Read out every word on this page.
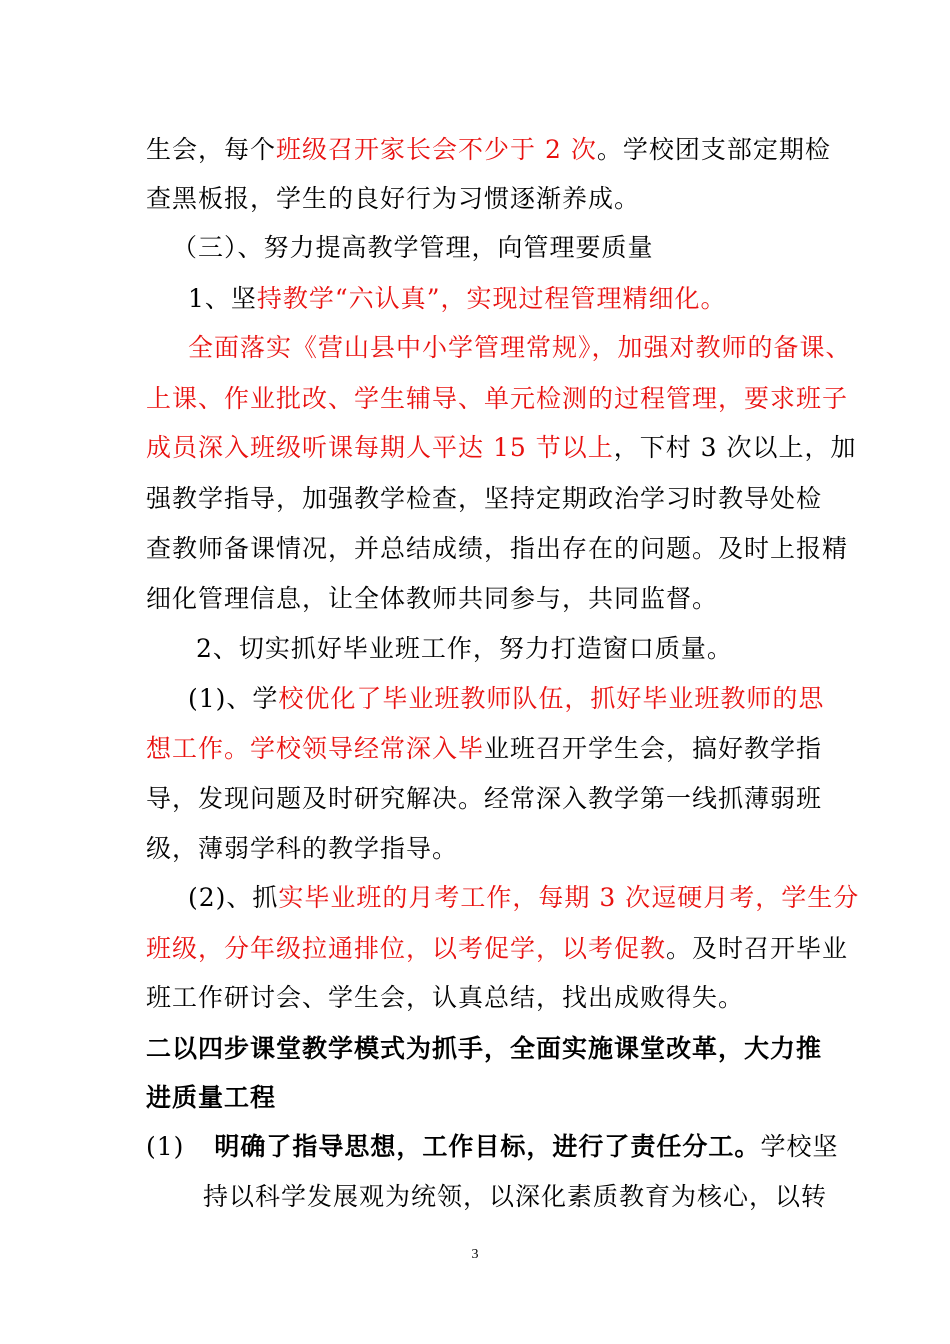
生会，每个班级召开家长会不少于 2 次。学校团支部定期检
查黑板报，学生的良好行为习惯逐渐养成。
（三）、努力提高教学管理，向管理要质量
1、坚持教学“六认真”，实现过程管理精细化。
全面落实《营山县中小学管理常规》，加强对教师的备课、
上课、作业批改、学生辅导、单元检测的过程管理，要求班子
成员深入班级听课每期人平达 15 节以上，下村 3 次以上，加
强教学指导，加强教学检查，坚持定期政治学习时教导处检
查教师备课情况，并总结成绩，指出存在的问题。及时上报精
细化管理信息，让全体教师共同参与，共同监督。
2、切实抓好毕业班工作，努力打造窗口质量。
(1)、学校优化了毕业班教师队伍，抓好毕业班教师的思
想工作。学校领导经常深入毕业班召开学生会，搞好教学指
导，发现问题及时研究解决。经常深入教学第一线抓薄弱班
级，薄弱学科的教学指导。
(2)、抓实毕业班的月考工作，每期 3 次逗硬月考，学生分
班级，分年级拉通排位，以考促学，以考促教。及时召开毕业
班工作研讨会、学生会，认真总结，找出成败得失。
二以四步课堂教学模式为抓手，全面实施课堂改革，大力推
进质量工程
(1) 明确了指导思想，工作目标，进行了责任分工。学校坚
持以科学发展观为统领，以深化素质教育为核心，以转
3
